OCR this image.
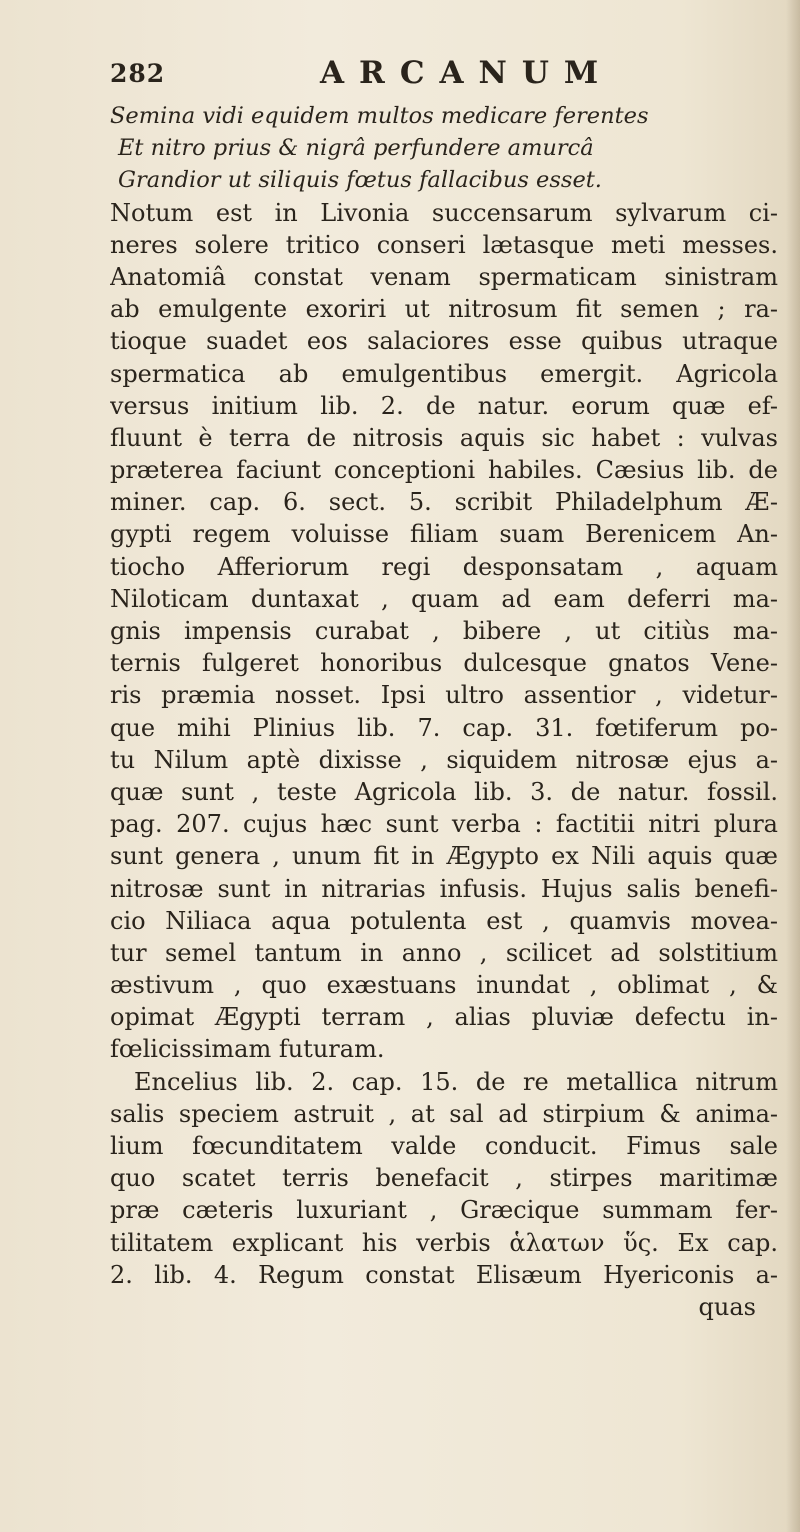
282	ARCANUM
Semina vidi equidem multos medicare ferentes
Et nitro prius & nigrâ perfundere amurcâ
Grandior ut siliquis fœtus fallacibus esset.
Notum est in Livonia succensarum sylvarum ci-
neres solere tritico conseri lætasque meti messes.
Anatomiâ constat venam spermaticam sinistram
ab emulgente exoriri ut nitrosum fit semen ; ra-
tioque suadet eos salaciores esse quibus utraque
spermatica ab emulgentibus emergit. Agricola
versus initium lib. 2. de natur. eorum quæ ef-
fluunt è terra de nitrosis aquis sic habet : vulvas
præterea faciunt conceptioni habiles. Cæsius lib. de
miner. cap. 6. sect. 5. scribit Philadelphum Æ-
gypti regem voluisse filiam suam Berenicem An-
tiocho Afferiorum regi desponsatam , aquam
Niloticam duntaxat , quam ad eam deferri ma-
gnis impensis curabat , bibere , ut citiùs ma-
ternis fulgeret honoribus dulcesque gnatos Vene-
ris præmia nosset. Ipsi ultro assentior , videtur-
que mihi Plinius lib. 7. cap. 31. fœtiferum po-
tu Nilum aptè dixisse , siquidem nitrosæ ejus a-
quæ sunt , teste Agricola lib. 3. de natur. fossil.
pag. 207. cujus hæc sunt verba : factitii nitri plura
sunt genera , unum fit in Ægypto ex Nili aquis quæ
nitrosæ sunt in nitrarias infusis. Hujus salis benefi-
cio Niliaca aqua potulenta est , quamvis movea-
tur semel tantum in anno , scilicet ad solstitium
æstivum , quo exæstuans inundat , oblimat , &
opimat Ægypti terram , alias pluviæ defectu in-
fœlicissimam futuram.
Encelius lib. 2. cap. 15. de re metallica nitrum
salis speciem astruit , at sal ad stirpium & anima-
lium fœcunditatem valde conducit. Fimus sale
quo scatet terris benefacit , stirpes maritimæ
præ cæteris luxuriant , Græcique summam fer-
tilitatem explicant his verbis ἁλατων ὕς. Ex cap.
2. lib. 4. Regum constat Elisæum Hyericonis a-
quas
